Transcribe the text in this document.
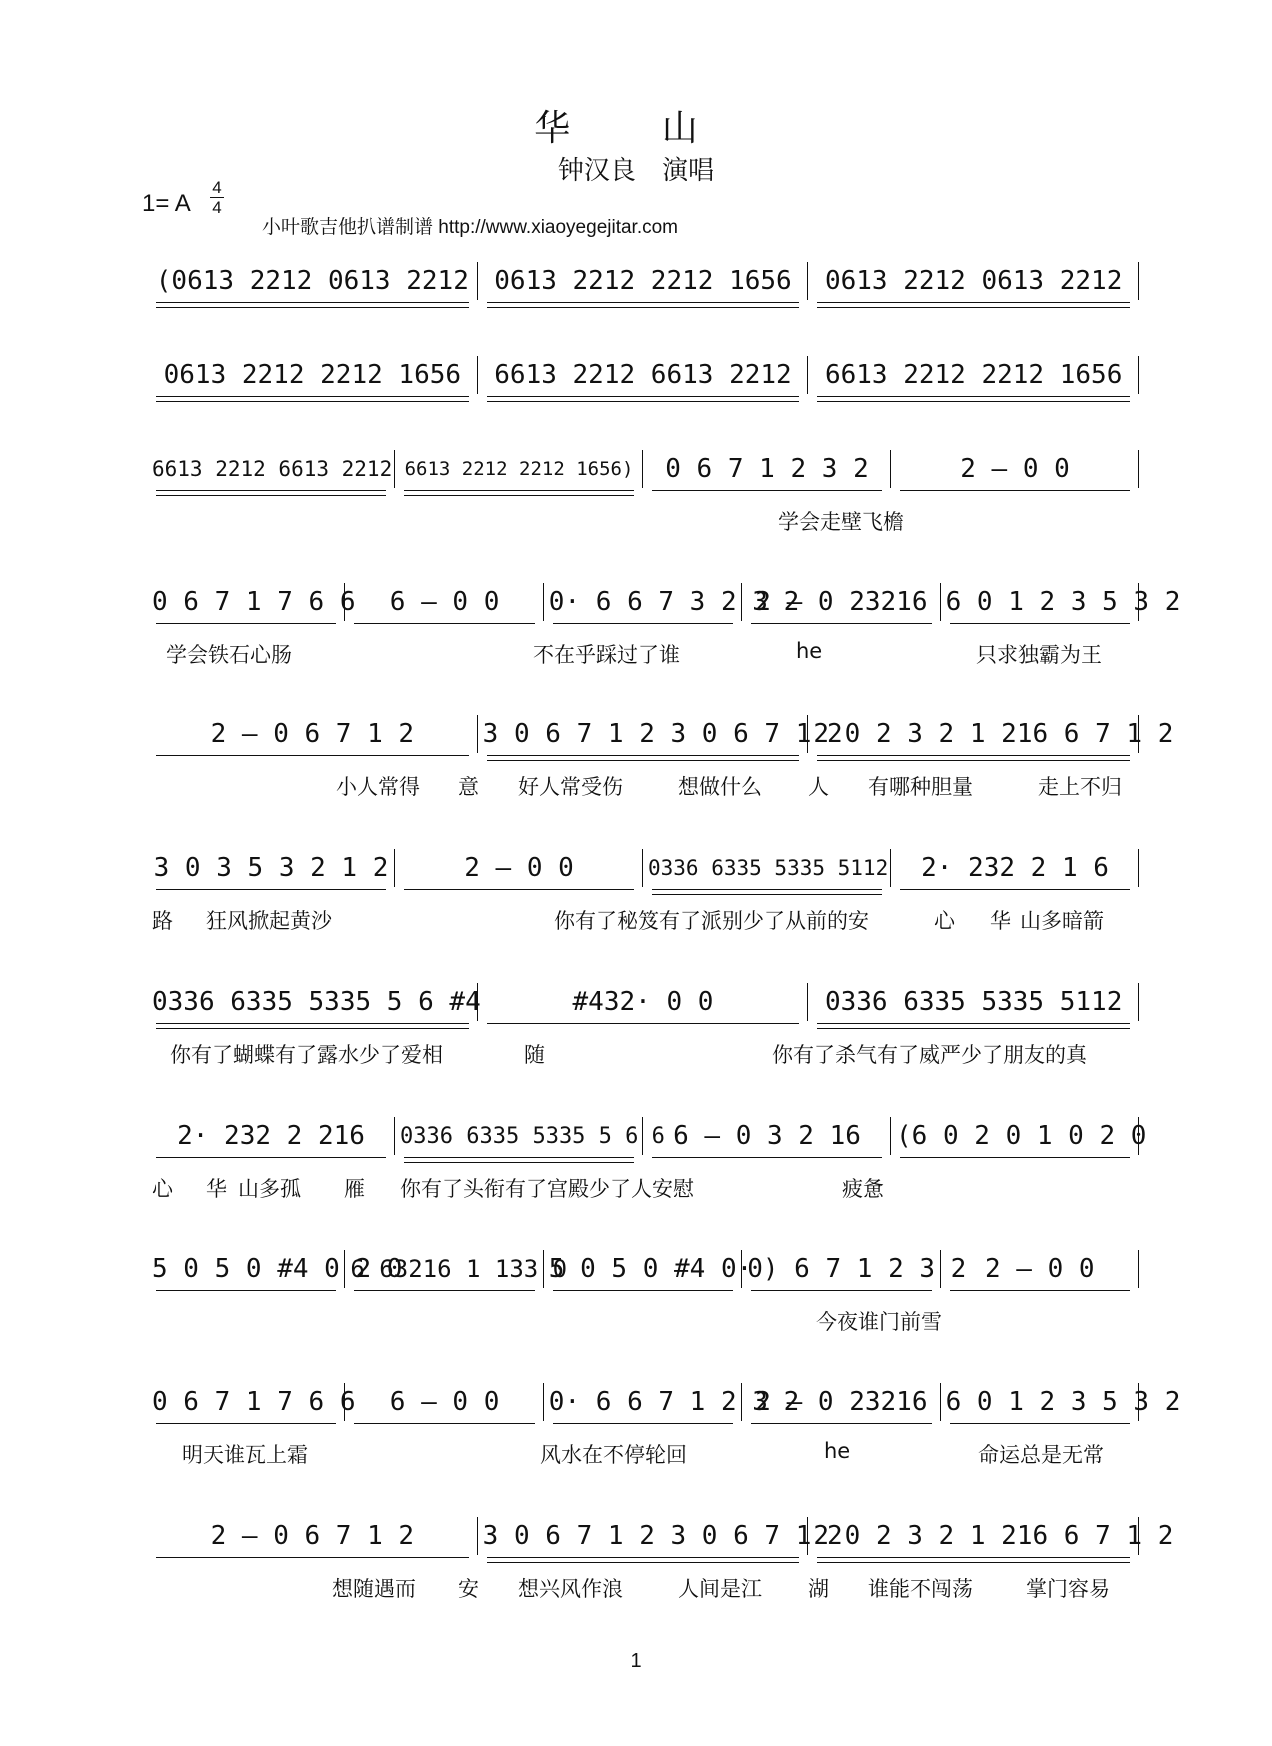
华 山
钟汉良 演唱
1= A
4
4
小叶歌吉他扒谱制谱 http://www.xiaoyegejitar.com
(0613 2212 0613 2212 0613 2212 2212 1656	0613 2212 0613 2212
0613 2212 2212 1656	6613 2212 6613 2212	6613 2212 2212 1656
6613 2212 6613 2212 6613 2212 2212 1656)	0 6 7 1 2 3 2	2 – 0 0
学会走壁飞檐
0 6 7 1 7 6 6	6 – 0 0	0· 6 6 7 3 2 3 2
2 – 0 23216 6 0 1 2 3 5 3 2
学会铁石心肠	不在乎踩过了谁	he	只求独霸为王
2 – 0 6 7 1 2	3 0 6 7 1 2 3 0 6 7 1 2
2 0 2 3 2 1 216 6 7 1 2
小人常得 意 好人常受伤	想做什么 人 有哪种胆量	走上不归
3 0 3 5 3 2 1 2	2 – 0 0	0336 6335 5335 5112	2· 232 2 1 6
路 狂风掀起黄沙	你有了秘笈有了派别少了从前的安	心 华 山多暗箭
0336 6335 5335 5 6 #4	#432· 0 0	0336 6335 5335 5112
你有了蝴蝶有了露水少了爱相	随	你有了杀气有了威严少了朋友的真
2· 232 2 216	0336 6335 5335 5 6 6 6 – 0 3 2 16	(6 0 2 0 1 0 2 0
心 华 山多孤 雁 你有了头衔有了宫殿少了人安慰	疲惫
5 0 5 0 #4 0 2 0
6 63216 1 133 0
5 0 5 0 #4 0·
0) 6 7 1 2 3 2 2 – 0 0
今夜谁门前雪
0 6 7 1 7 6 6	6 – 0 0	0· 6 6 7 1 2 3 2
2 – 0 23216 6 0 1 2 3 5 3 2
明天谁瓦上霜	风水在不停轮回	he	命运总是无常
2 – 0 6 7 1 2	3 0 6 7 1 2 3 0 6 7 1 2
2 0 2 3 2 1 216 6 7 1 2
想随遇而 安 想兴风作浪	人间是江 湖 谁能不闯荡	掌门容易
1
